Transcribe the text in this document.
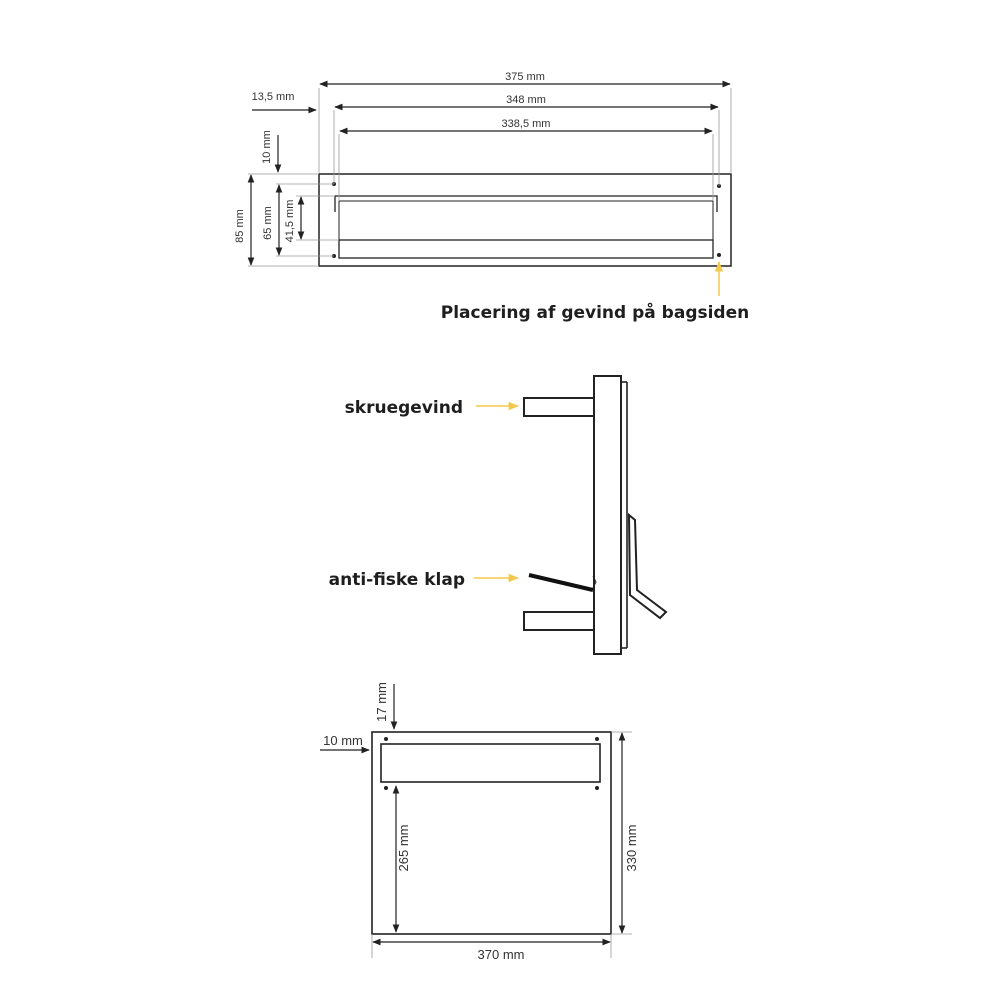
375 mm
348 mm
338,5 mm
13,5 mm
10 mm
85 mm 65 mm 41,5 mm
Placering af gevind på bagsiden
skruegevind
anti-fiske klap
17 mm
10 mm
265 mm	330 mm
370 mm
